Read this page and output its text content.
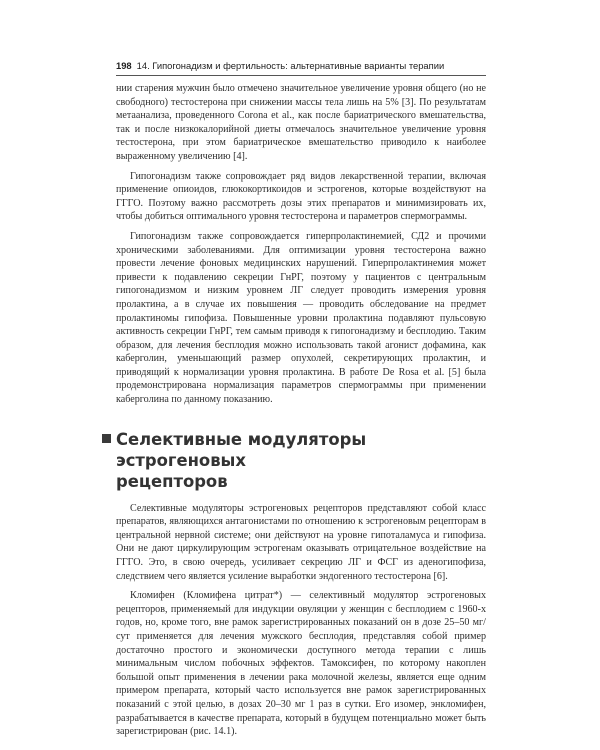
198 14. Гипогонадизм и фертильность: альтернативные варианты терапии

нии старения мужчин было отмечено значительное увеличение уровня общего (но не свободного) тестостерона при снижении массы тела лишь на 5% [3]. По результатам метаанализа, проведенного Corona et al., как после бариатрического вмешательства, так и после низкокалорийной диеты отмечалось значительное увеличение уровня тестостерона, при этом бариатрическое вмешательство приводило к наиболее выраженному увеличению [4].

Гипогонадизм также сопровождает ряд видов лекарственной терапии, включая применение опиоидов, глюкокортикоидов и эстрогенов, которые воздействуют на ГГГО. Поэтому важно рассмотреть дозы этих препаратов и минимизировать их, чтобы добиться оптимального уровня тестостерона и параметров спермограммы.

Гипогонадизм также сопровождается гиперпролактинемией, СД2 и прочими хроническими заболеваниями. Для оптимизации уровня тестостерона важно провести лечение фоновых медицинских нарушений. Гиперпролактинемия может привести к подавлению секреции ГнРГ, поэтому у пациентов с центральным гипогонадизмом и низким уровнем ЛГ следует проводить измерения уровня пролактина, а в случае их повышения — проводить обследование на предмет пролактиномы гипофиза. Повышенные уровни пролактина подавляют пульсовую активность секреции ГнРГ, тем самым приводя к гипогонадизму и бесплодию. Таким образом, для лечения бесплодия можно использовать такой агонист дофамина, как каберголин, уменьшающий размер опухолей, секретирующих пролактин, и приводящий к нормализации уровня пролактина. В работе De Rosa et al. [5] была продемонстрирована нормализация параметров спермограммы при применении каберголина по данному показанию.

Селективные модуляторы эстрогеновых
рецепторов

Селективные модуляторы эстрогеновых рецепторов представляют собой класс препаратов, являющихся антагонистами по отношению к эстрогеновым рецепторам в центральной нервной системе; они действуют на уровне гипоталамуса и гипофиза. Они не дают циркулирующим эстрогенам оказывать отрицательное воздействие на ГГГО. Это, в свою очередь, усиливает секрецию ЛГ и ФСГ из аденогипофиза, следствием чего является усиление выработки эндогенного тестостерона [6].

Кломифен (Кломифена цитрат*) — селективный модулятор эстрогеновых рецепторов, применяемый для индукции овуляции у женщин с бесплодием с 1960-х годов, но, кроме того, вне рамок зарегистрированных показаний он в дозе 25–50 мг/сут применяется для лечения мужского бесплодия, представляя собой пример достаточно простого и экономически доступного метода терапии с лишь минимальным числом побочных эффектов. Тамоксифен, по которому накоплен большой опыт применения в лечении рака молочной железы, является еще одним примером препарата, который часто используется вне рамок зарегистрированных показаний с этой целью, в дозах 20–30 мг 1 раз в сутки. Его изомер, энкломифен, разрабатывается в качестве препарата, который в будущем потенциально может быть зарегистрирован (рис. 14.1).
